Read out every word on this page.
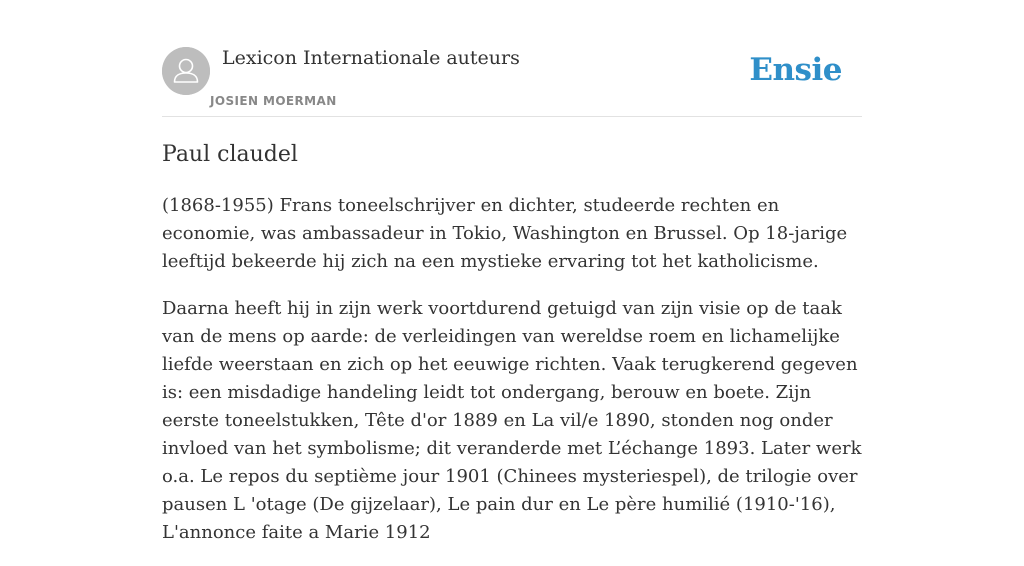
Lexicon Internationale auteurs
JOSIEN MOERMAN
Ensie
Paul claudel

(1868-1955) Frans toneelschrijver en dichter, studeerde rechten en economie, was ambassadeur in Tokio, Washington en Brussel. Op 18-jarige leeftijd bekeerde hij zich na een mystieke ervaring tot het katholicisme.

Daarna heeft hij in zijn werk voortdurend getuigd van zijn visie op de taak van de mens op aarde: de verleidingen van wereldse roem en lichamelijke liefde weerstaan en zich op het eeuwige richten. Vaak terugkerend gegeven is: een misdadige handeling leidt tot ondergang, berouw en boete. Zijn eerste toneelstukken, Tête d'or 1889 en La vil/e 1890, stonden nog onder invloed van het symbolisme; dit veranderde met L’échange 1893. Later werk o.a. Le repos du septième jour 1901 (Chinees mysteriespel), de trilogie over pausen L 'otage (De gijzelaar), Le pain dur en Le père humilié (1910-'16), L'annonce faite a Marie 1912
